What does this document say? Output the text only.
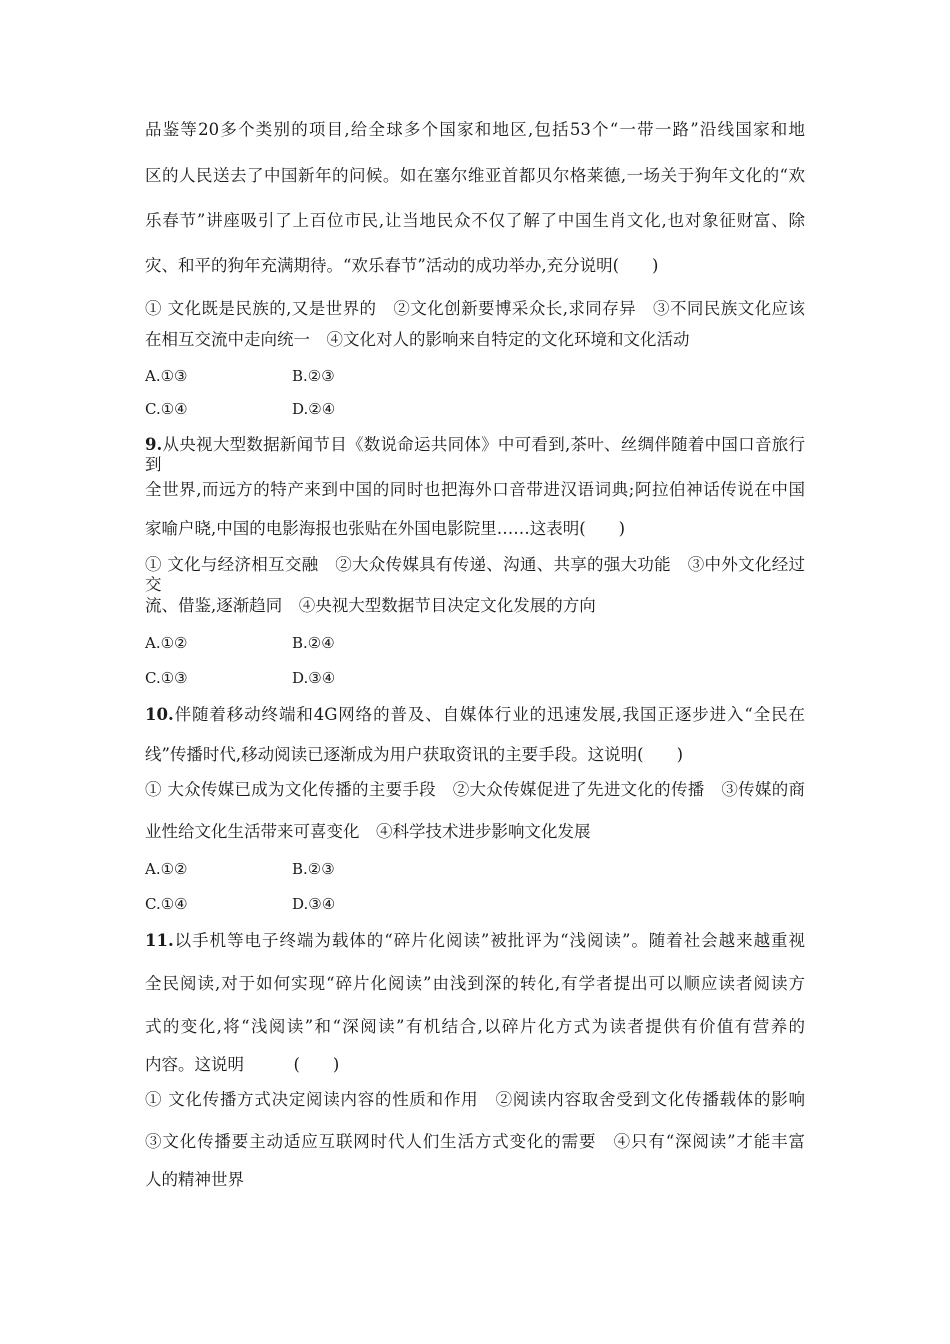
品鉴等20多个类别的项目,给全球多个国家和地区,包括53个“一带一路”沿线国家和地
区的人民送去了中国新年的问候。如在塞尔维亚首都贝尔格莱德,一场关于狗年文化的“欢
乐春节”讲座吸引了上百位市民,让当地民众不仅了解了中国生肖文化,也对象征财富、除
灾、和平的狗年充满期待。“欢乐春节”活动的成功举办,充分说明(　　)
① 文化既是民族的,又是世界的　②文化创新要博采众长,求同存异　③不同民族文化应该
在相互交流中走向统一　④文化对人的影响来自特定的文化环境和文化活动
A.①③	B.②③
C.①④	D.②④
9.从央视大型数据新闻节目《数说命运共同体》中可看到,茶叶、丝绸伴随着中国口音旅行到
全世界,而远方的特产来到中国的同时也把海外口音带进汉语词典;阿拉伯神话传说在中国
家喻户晓,中国的电影海报也张贴在外国电影院里……这表明(　　)
① 文化与经济相互交融　②大众传媒具有传递、沟通、共享的强大功能　③中外文化经过交
流、借鉴,逐渐趋同　④央视大型数据节目决定文化发展的方向
A.①②	B.②④
C.①③	D.③④
10.伴随着移动终端和4G网络的普及、自媒体行业的迅速发展,我国正逐步进入“全民在
线”传播时代,移动阅读已逐渐成为用户获取资讯的主要手段。这说明(　　)
① 大众传媒已成为文化传播的主要手段　②大众传媒促进了先进文化的传播　③传媒的商
业性给文化生活带来可喜变化　④科学技术进步影响文化发展
A.①②	B.②③
C.①④	D.③④
11.以手机等电子终端为载体的“碎片化阅读”被批评为“浅阅读”。随着社会越来越重视
全民阅读,对于如何实现“碎片化阅读”由浅到深的转化,有学者提出可以顺应读者阅读方
式的变化,将“浅阅读”和“深阅读”有机结合,以碎片化方式为读者提供有价值有营养的
内容。这说明　　　(　　)
① 文化传播方式决定阅读内容的性质和作用　②阅读内容取舍受到文化传播载体的影响
③文化传播要主动适应互联网时代人们生活方式变化的需要　④只有“深阅读”才能丰富
人的精神世界
